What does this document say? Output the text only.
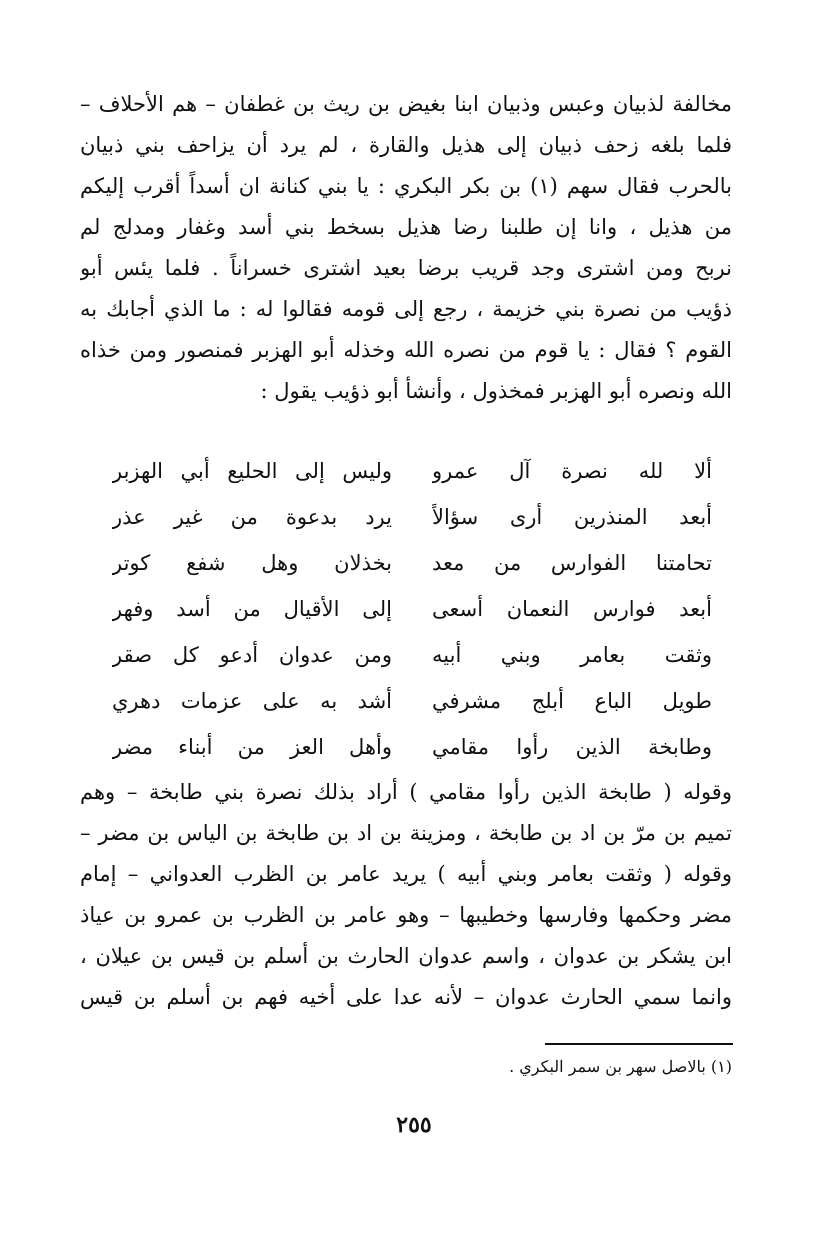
مخالفة لذبيان وعبس وذبيان ابنا بغيض بن ريث بن غطفان – هم الأحلاف –
فلما بلغه زحف ذبيان إلى هذيل والقارة ، لم يرد أن يزاحف بني ذبيان
بالحرب فقال سهم (١) بن بكر البكري : يا بني كنانة ان أسداً أقرب إليكم
من هذيل ، وانا إن طلبنا رضا هذيل بسخط بني أسد وغفار ومدلج لم
نربح ومن اشترى وجد قريب برضا بعيد اشترى خسراناً . فلما يئس أبو
ذؤيب من نصرة بني خزيمة ، رجع إلى قومه فقالوا له : ما الذي أجابك به
القوم ؟ فقال : يا قوم من نصره الله وخذله أبو الهزبر فمنصور ومن خذاه
الله ونصره أبو الهزبر فمخذول ، وأنشأ أبو ذؤيب يقول :
ألا لله نصرة آل عمرو
وليس إلى الحليع أبي الهزبر
أبعد المنذرين أرى سؤالاً
يرد بدعوة من غير عذر
تحامتنا الفوارس من معد
بخذلان وهل شفع كوتر
أبعد فوارس النعمان أسعى
إلى الأقيال من أسد وفهر
وثقت بعامر وبني أبيه
ومن عدوان أدعو كل صقر
طويل الباع أبلج مشرفي
أشد به على عزمات دهري
وطابخة الذين رأوا مقامي
وأهل العز من أبناء مضر
وقوله ( طابخة الذين رأوا مقامي ) أراد بذلك نصرة بني طابخة – وهم
تميم بن مرّ بن اد بن طابخة ، ومزينة بن اد بن طابخة بن الياس بن مضر –
وقوله ( وثقت بعامر وبني أبيه ) يريد عامر بن الظرب العدواني – إمام
مضر وحكمها وفارسها وخطيبها – وهو عامر بن الظرب بن عمرو بن عياذ
ابن يشكر بن عدوان ، واسم عدوان الحارث بن أسلم بن قيس بن عيلان ،
وانما سمي الحارث عدوان – لأنه عدا على أخيه فهم بن أسلم بن قيس
(١) بالاصل سهر بن سمر البكري .
٢٥٥
